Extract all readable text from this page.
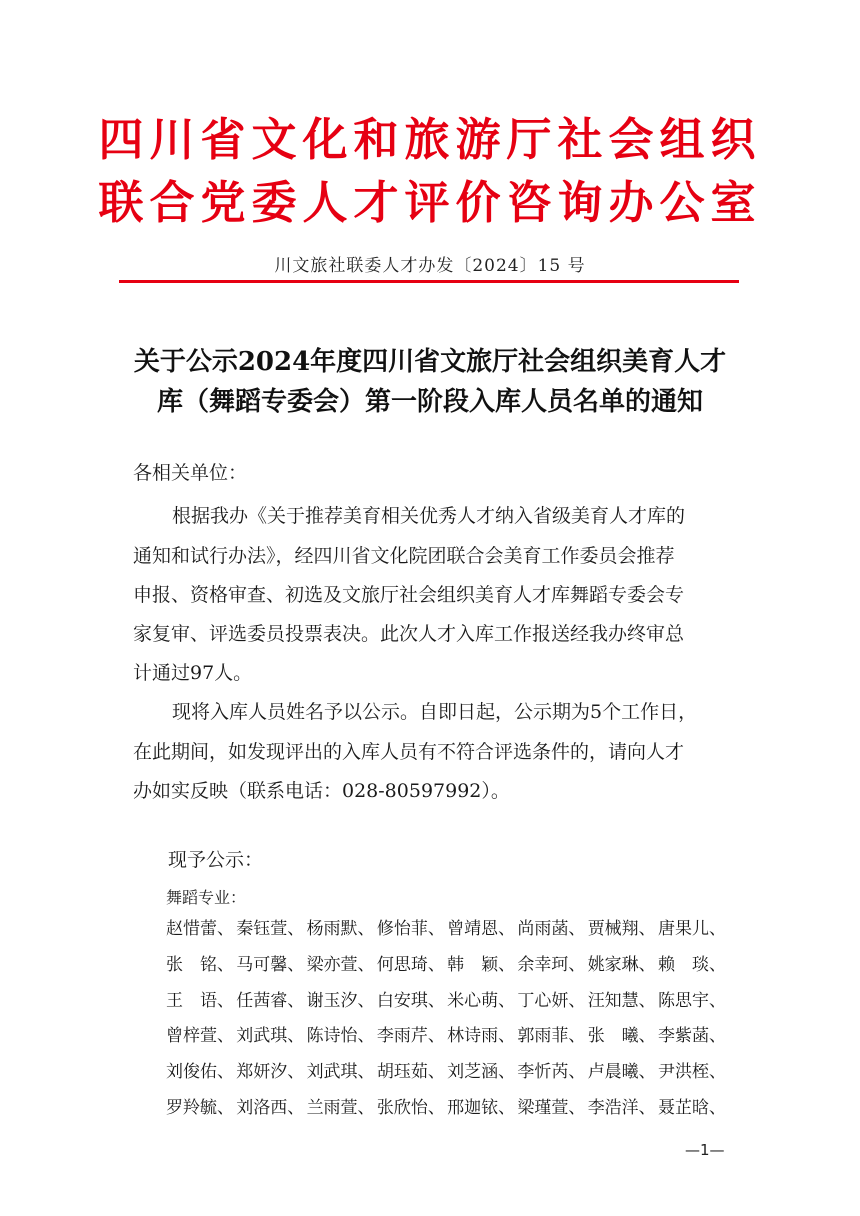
四川省文化和旅游厅社会组织
联合党委人才评价咨询办公室
川文旅社联委人才办发〔2024〕15 号
关于公示2024年度四川省文旅厅社会组织美育人才
库（舞蹈专委会）第一阶段入库人员名单的通知
各相关单位：
根据我办《关于推荐美育相关优秀人才纳入省级美育人才库的
通知和试行办法》，经四川省文化院团联合会美育工作委员会推荐
申报、资格审查、初选及文旅厅社会组织美育人才库舞蹈专委会专
家复审、评选委员投票表决。此次人才入库工作报送经我办终审总
计通过97人。
现将入库人员姓名予以公示。自即日起，公示期为5个工作日，
在此期间，如发现评出的入库人员有不符合评选条件的，请向人才
办如实反映（联系电话：028-80597992）。
现予公示：
舞蹈专业：
赵惜蕾、 秦钰萱、 杨雨默、 修怡菲、 曾靖恩、 尚雨菡、 贾械翔、 唐果儿、
张　铭、 马可馨、 梁亦萱、 何思琦、 韩　颖、 余幸珂、 姚家琳、 赖　琰、
王　语、 任茜睿、 谢玉汐、 白安琪、 米心萌、 丁心妍、 汪知慧、 陈思宇、
曾梓萱、 刘武琪、 陈诗怡、 李雨芹、 林诗雨、 郭雨菲、 张　曦、 李紫菡、
刘俊佑、 郑妍汐、 刘武琪、 胡珏茹、 刘芝涵、 李忻芮、 卢晨曦、 尹洪桎、
罗羚毓、 刘洛西、 兰雨萱、 张欣怡、 邢迦铱、 梁瑾萱、 李浩洋、 聂芷晗、
—1—
